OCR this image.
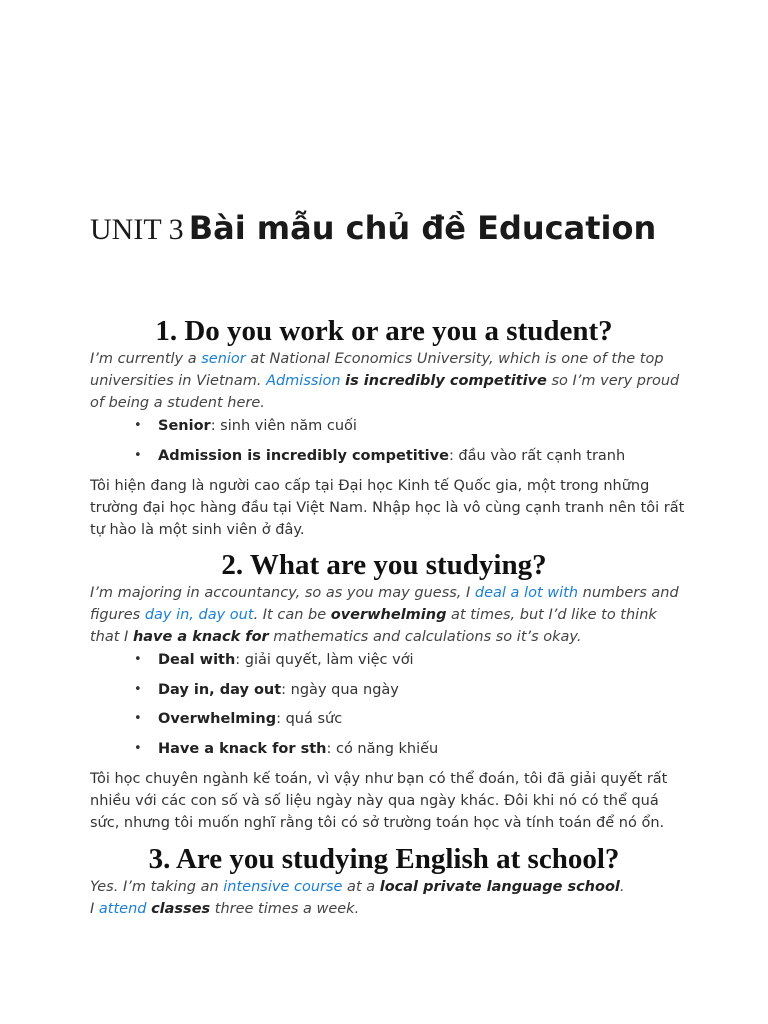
UNIT 3 Bài mẫu chủ đề Education
1. Do you work or are you a student?

I’m currently a senior at National Economics University, which is one of the top universities in Vietnam. Admission is incredibly competitive so I’m very proud of being a student here.

• Senior: sinh viên năm cuối
• Admission is incredibly competitive: đầu vào rất cạnh tranh

Tôi hiện đang là người cao cấp tại Đại học Kinh tế Quốc gia, một trong những trường đại học hàng đầu tại Việt Nam. Nhập học là vô cùng cạnh tranh nên tôi rất tự hào là một sinh viên ở đây.

2. What are you studying?

I’m majoring in accountancy, so as you may guess, I deal a lot with numbers and figures day in, day out. It can be overwhelming at times, but I’d like to think that I have a knack for mathematics and calculations so it’s okay.

• Deal with: giải quyết, làm việc với
• Day in, day out: ngày qua ngày
• Overwhelming: quá sức
• Have a knack for sth: có năng khiếu

Tôi học chuyên ngành kế toán, vì vậy như bạn có thể đoán, tôi đã giải quyết rất nhiều với các con số và số liệu ngày này qua ngày khác. Đôi khi nó có thể quá sức, nhưng tôi muốn nghĩ rằng tôi có sở trường toán học và tính toán để nó ổn.

3. Are you studying English at school?

Yes. I’m taking an intensive course at a local private language school.
I attend classes three times a week.
